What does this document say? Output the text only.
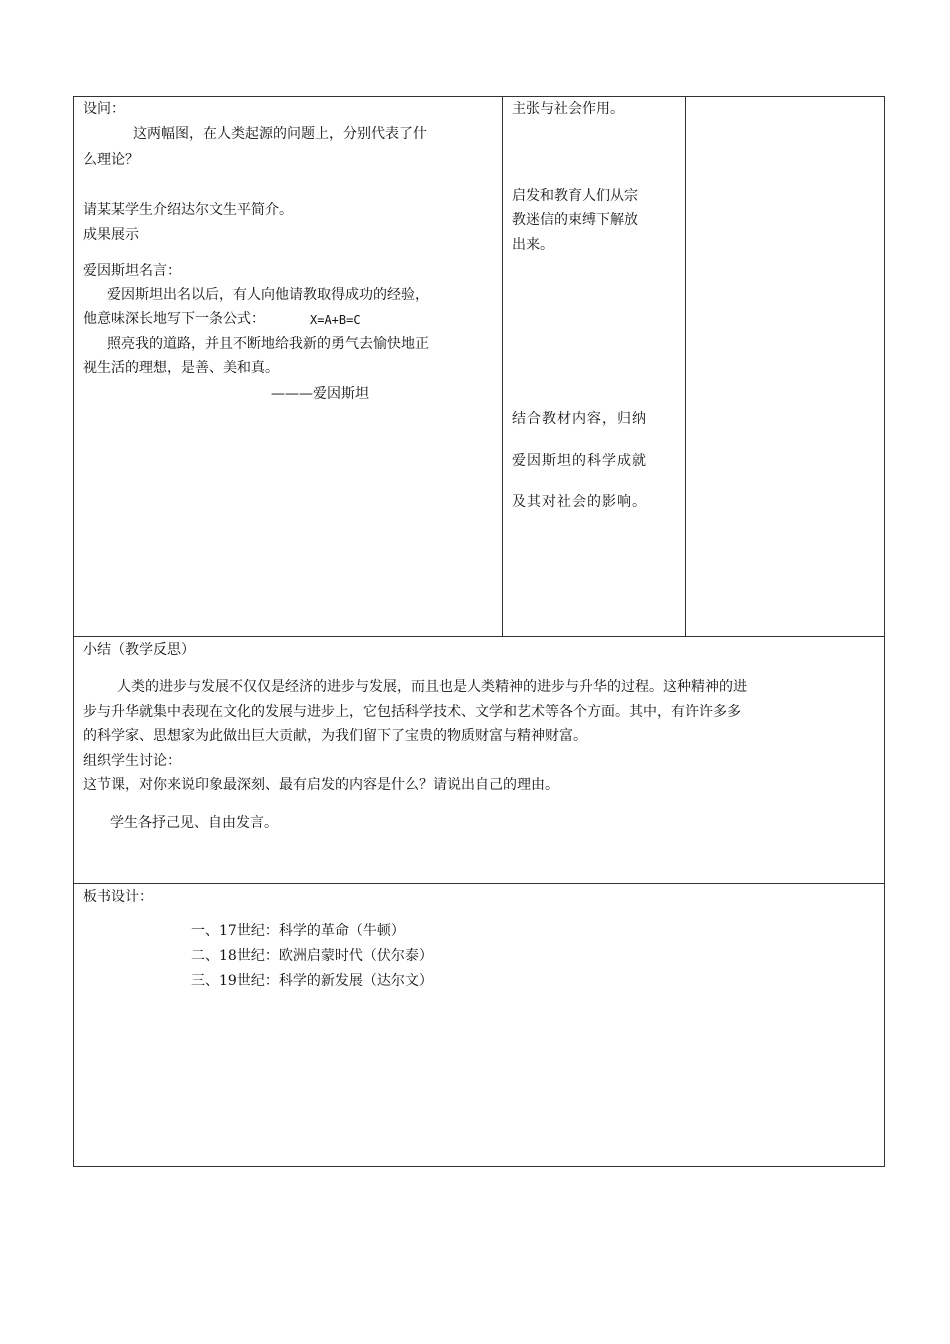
设问：
这两幅图，在人类起源的问题上，分别代表了什
么理论？
请某某学生介绍达尔文生平简介。
成果展示
爱因斯坦名言：
爱因斯坦出名以后，有人向他请教取得成功的经验，
他意味深长地写下一条公式：	X=A+B=C
照亮我的道路，并且不断地给我新的勇气去愉快地正
视生活的理想，是善、美和真。
———爱因斯坦
主张与社会作用。
启发和教育人们从宗
教迷信的束缚下解放
出来。
结合教材内容，归纳
爱因斯坦的科学成就
及其对社会的影响。
小结（教学反思）
人类的进步与发展不仅仅是经济的进步与发展，而且也是人类精神的进步与升华的过程。这种精神的进
步与升华就集中表现在文化的发展与进步上，它包括科学技术、文学和艺术等各个方面。其中，有许许多多
的科学家、思想家为此做出巨大贡献，为我们留下了宝贵的物质财富与精神财富。
组织学生讨论：
这节课，对你来说印象最深刻、最有启发的内容是什么？请说出自己的理由。
学生各抒己见、自由发言。
板书设计：
一、17世纪：科学的革命（牛顿）
二、18世纪：欧洲启蒙时代（伏尔泰）
三、19世纪：科学的新发展（达尔文）
